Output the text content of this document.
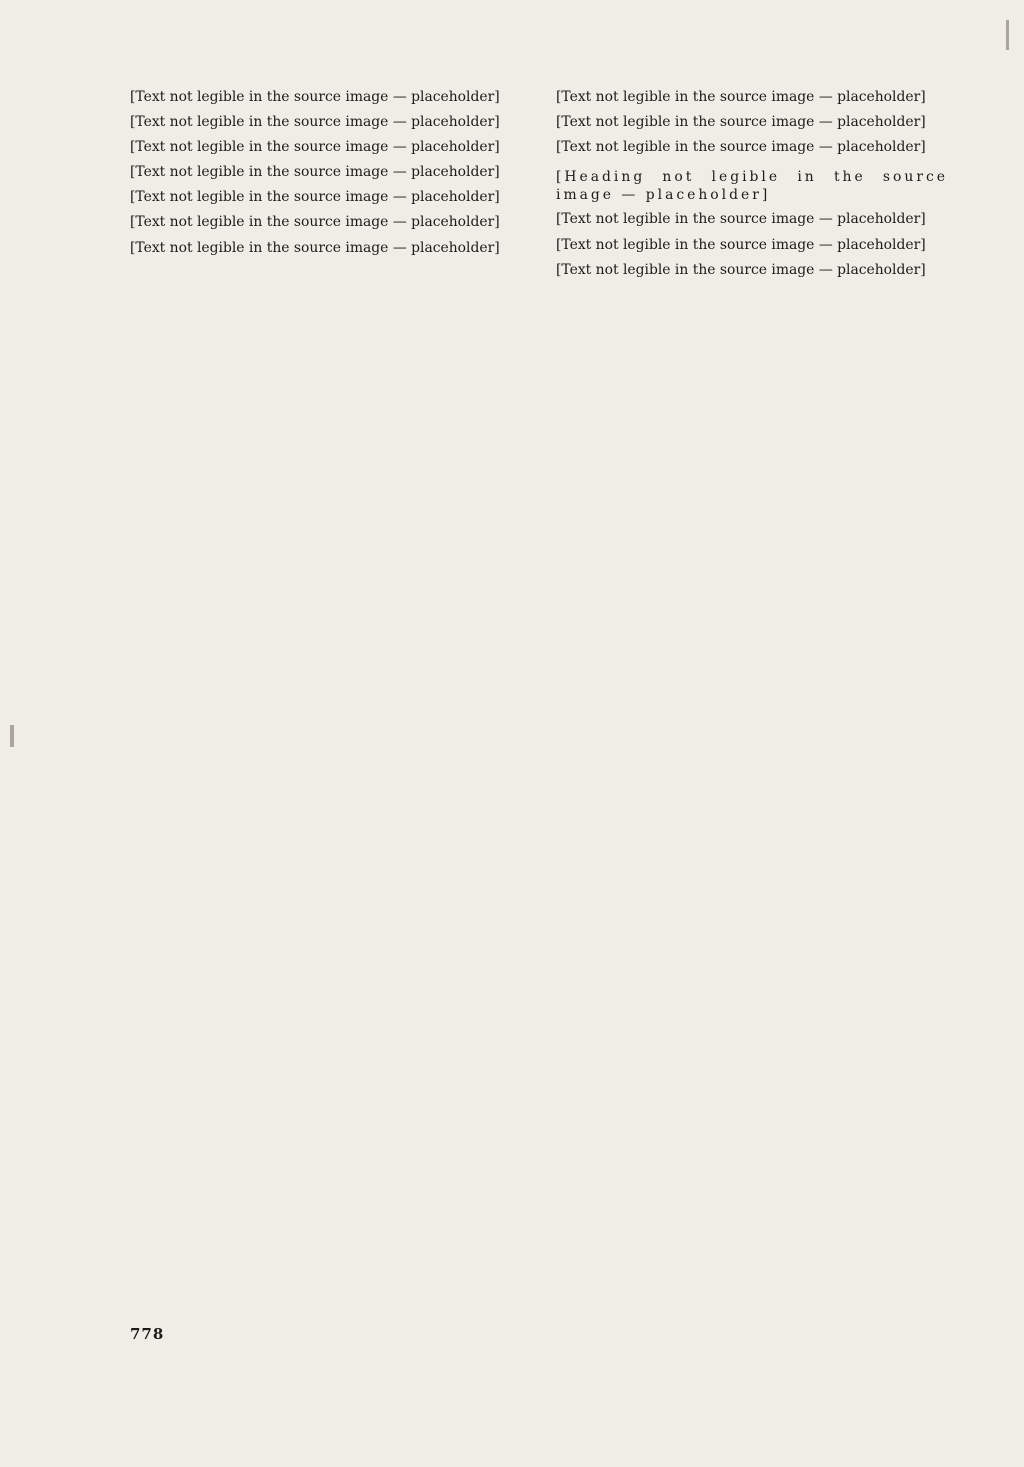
[Text not legible in the source image — placeholder]

[Text not legible in the source image — placeholder]

[Text not legible in the source image — placeholder]

[Text not legible in the source image — placeholder]

[Text not legible in the source image — placeholder]

[Text not legible in the source image — placeholder]

[Text not legible in the source image — placeholder]

[Text not legible in the source image — placeholder]

[Text not legible in the source image — placeholder]

[Text not legible in the source image — placeholder]

[Heading not legible in the source image — placeholder]

[Text not legible in the source image — placeholder]

[Text not legible in the source image — placeholder]

[Text not legible in the source image — placeholder]

778
